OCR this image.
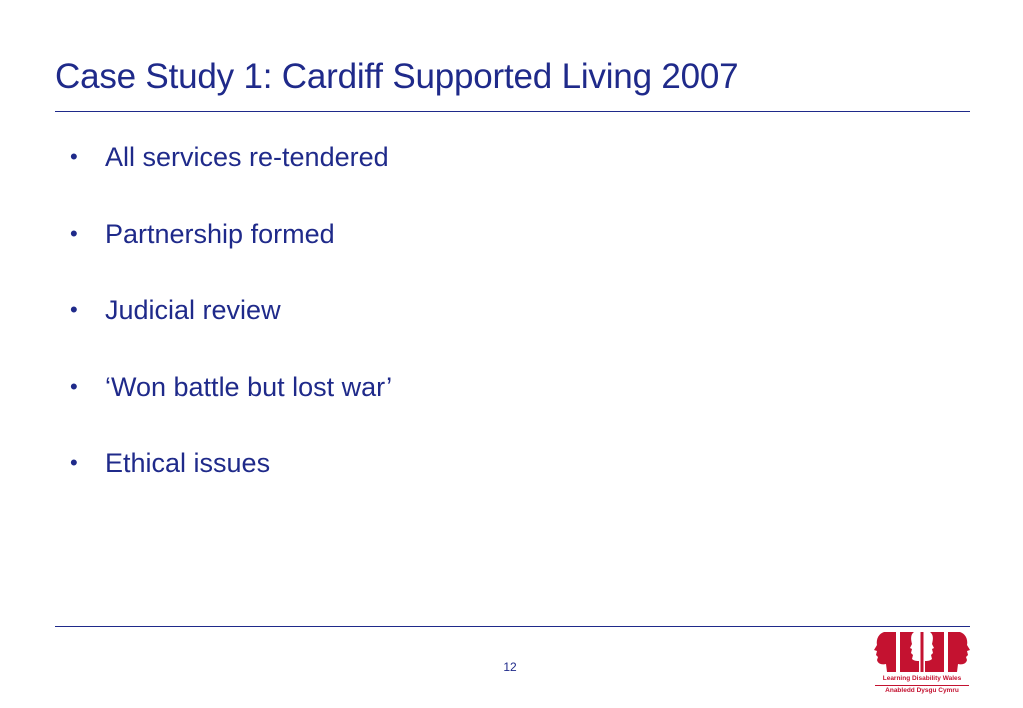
Case Study 1: Cardiff Supported Living 2007
•	All services re-tendered
•	Partnership formed
•	Judicial review
•	‘Won battle but lost war’
•	Ethical issues
12
Learning Disability Wales
Anabledd Dysgu Cymru
